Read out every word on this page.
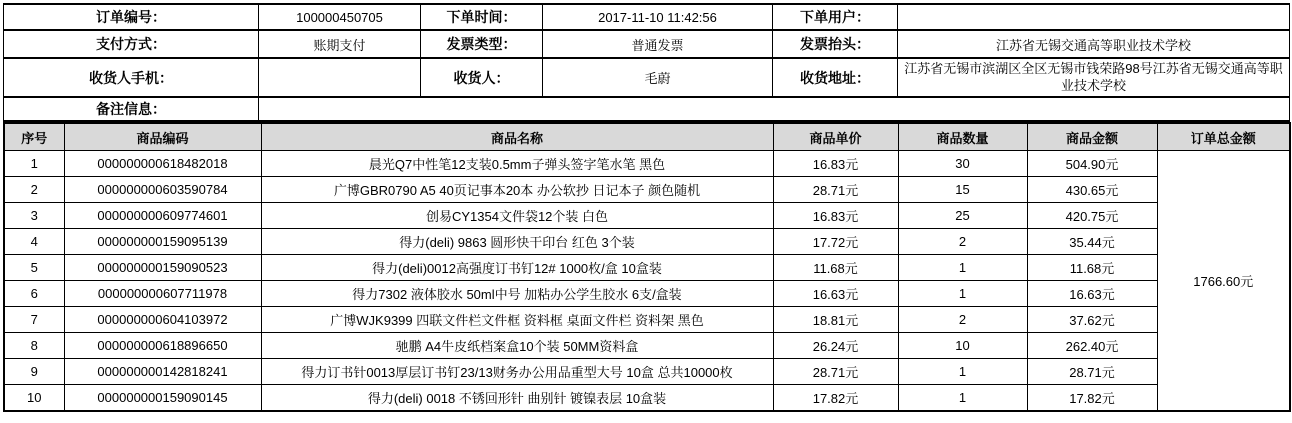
订单编号：	100000450705	下单时间：	2017-11-10 11:42:56	下单用户：	
支付方式：	账期支付	发票类型：	普通发票	发票抬头：	江苏省无锡交通高等职业技术学校
收货人手机：		收货人：	毛蔚	收货地址：	江苏省无锡市滨湖区全区无锡市钱荣路98号江苏省无锡交通高等职业技术学校
备注信息：					
序号	商品编码	商品名称	商品单价	商品数量	商品金额	订单总金额
1	000000000618482018	晨光Q7中性笔12支装0.5mm子弹头签字笔水笔 黑色	16.83元	30	504.90元	1766.60元
2	000000000603590784	广博GBR0790 A5 40页记事本20本 办公软抄 日记本子 颜色随机	28.71元	15	430.65元	
3	000000000609774601	创易CY1354文件袋12个装 白色	16.83元	25	420.75元	
4	000000000159095139	得力(deli) 9863 圆形快干印台 红色 3个装	17.72元	2	35.44元	
5	000000000159090523	得力(deli)0012高强度订书钉12# 1000枚/盒 10盒装	11.68元	1	11.68元	
6	000000000607711978	得力7302 液体胶水 50ml中号 加粘办公学生胶水 6支/盒装	16.63元	1	16.63元	
7	000000000604103972	广博WJK9399 四联文件栏文件框 资料框 桌面文件栏 资料架 黑色	18.81元	2	37.62元	
8	000000000618896650	驰鹏 A4牛皮纸档案盒10个装 50MM资料盒	26.24元	10	262.40元	
9	000000000142818241	得力订书针0013厚层订书钉23/13财务办公用品重型大号 10盒 总共10000枚	28.71元	1	28.71元	
10	000000000159090145	得力(deli) 0018 不锈回形针 曲别针 镀镍表层 10盒装	17.82元	1	17.82元	
